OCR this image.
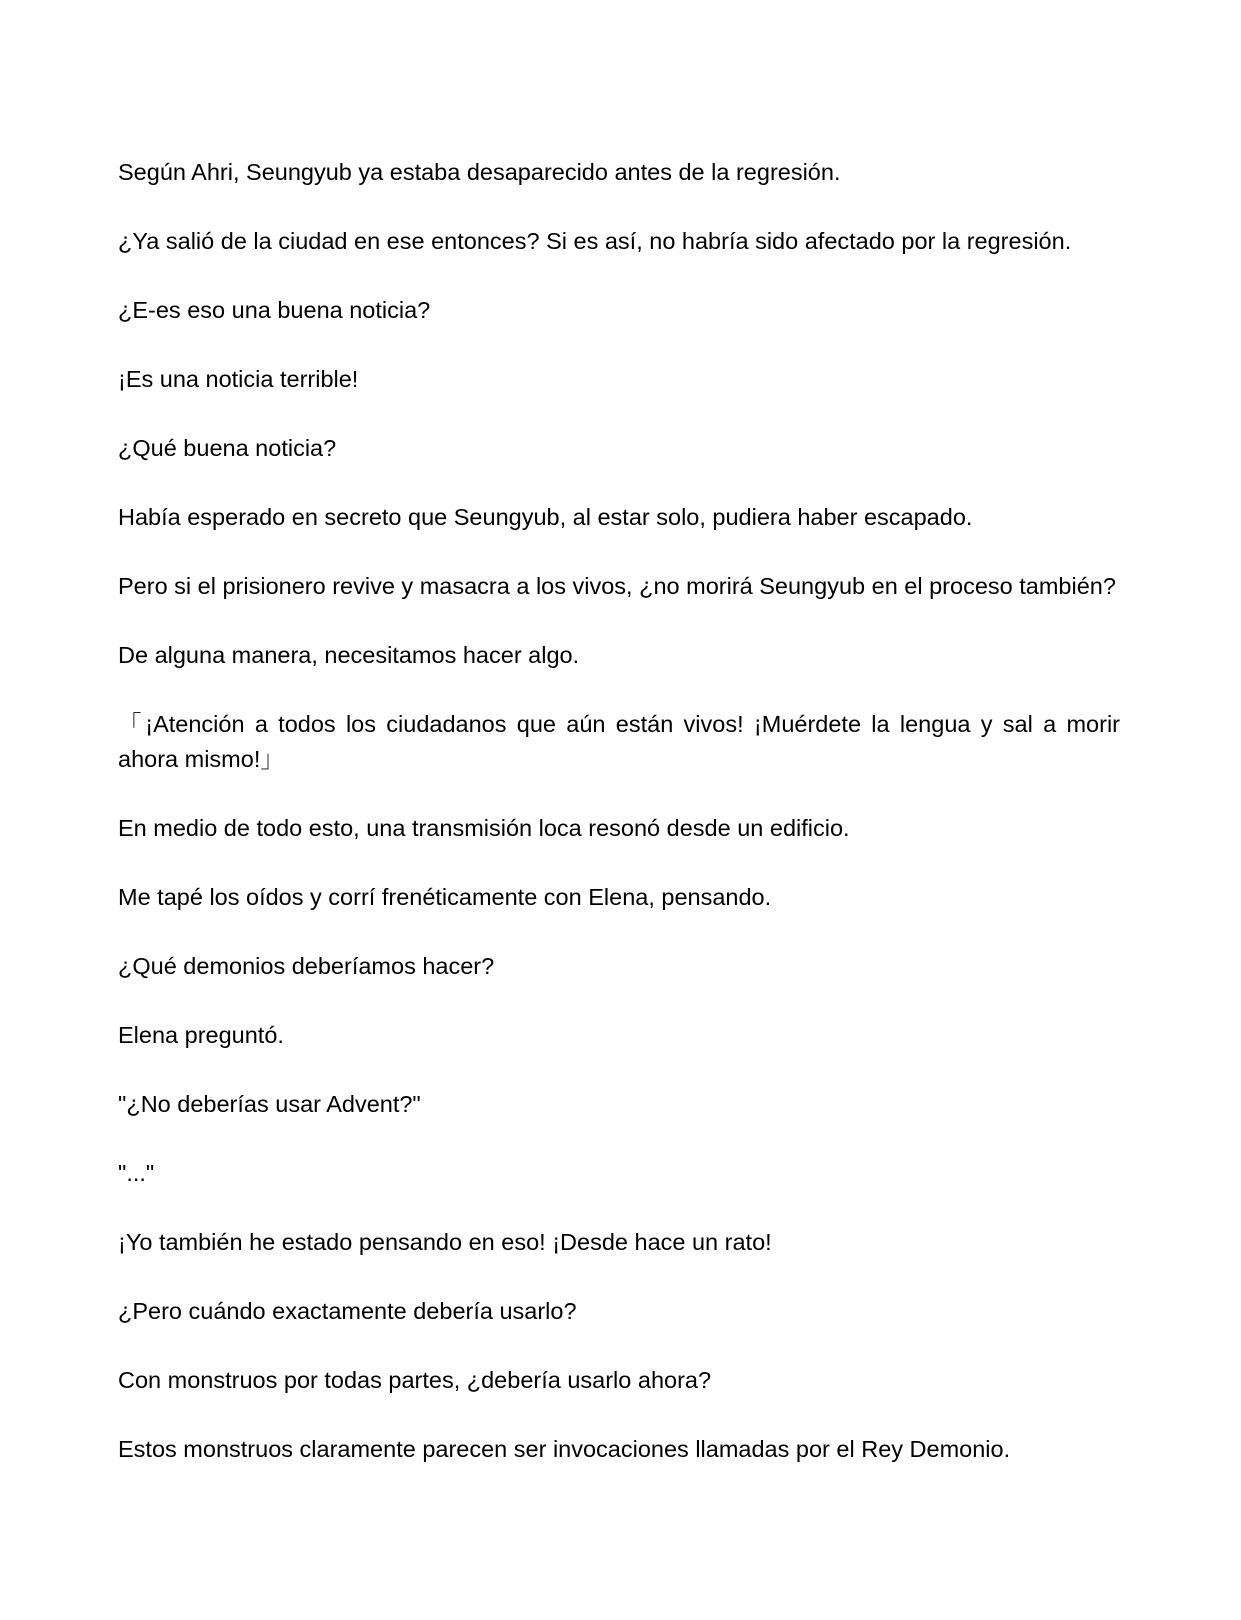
Según Ahri, Seungyub ya estaba desaparecido antes de la regresión.

¿Ya salió de la ciudad en ese entonces? Si es así, no habría sido afectado por la regresión.

¿E-es eso una buena noticia?

¡Es una noticia terrible!

¿Qué buena noticia?

Había esperado en secreto que Seungyub, al estar solo, pudiera haber escapado.

Pero si el prisionero revive y masacra a los vivos, ¿no morirá Seungyub en el proceso también?

De alguna manera, necesitamos hacer algo.

「¡Atención a todos los ciudadanos que aún están vivos! ¡Muérdete la lengua y sal a morir ahora mismo!」

En medio de todo esto, una transmisión loca resonó desde un edificio.

Me tapé los oídos y corrí frenéticamente con Elena, pensando.

¿Qué demonios deberíamos hacer?

Elena preguntó.

"¿No deberías usar Advent?"

"..."

¡Yo también he estado pensando en eso! ¡Desde hace un rato!

¿Pero cuándo exactamente debería usarlo?

Con monstruos por todas partes, ¿debería usarlo ahora?

Estos monstruos claramente parecen ser invocaciones llamadas por el Rey Demonio.
